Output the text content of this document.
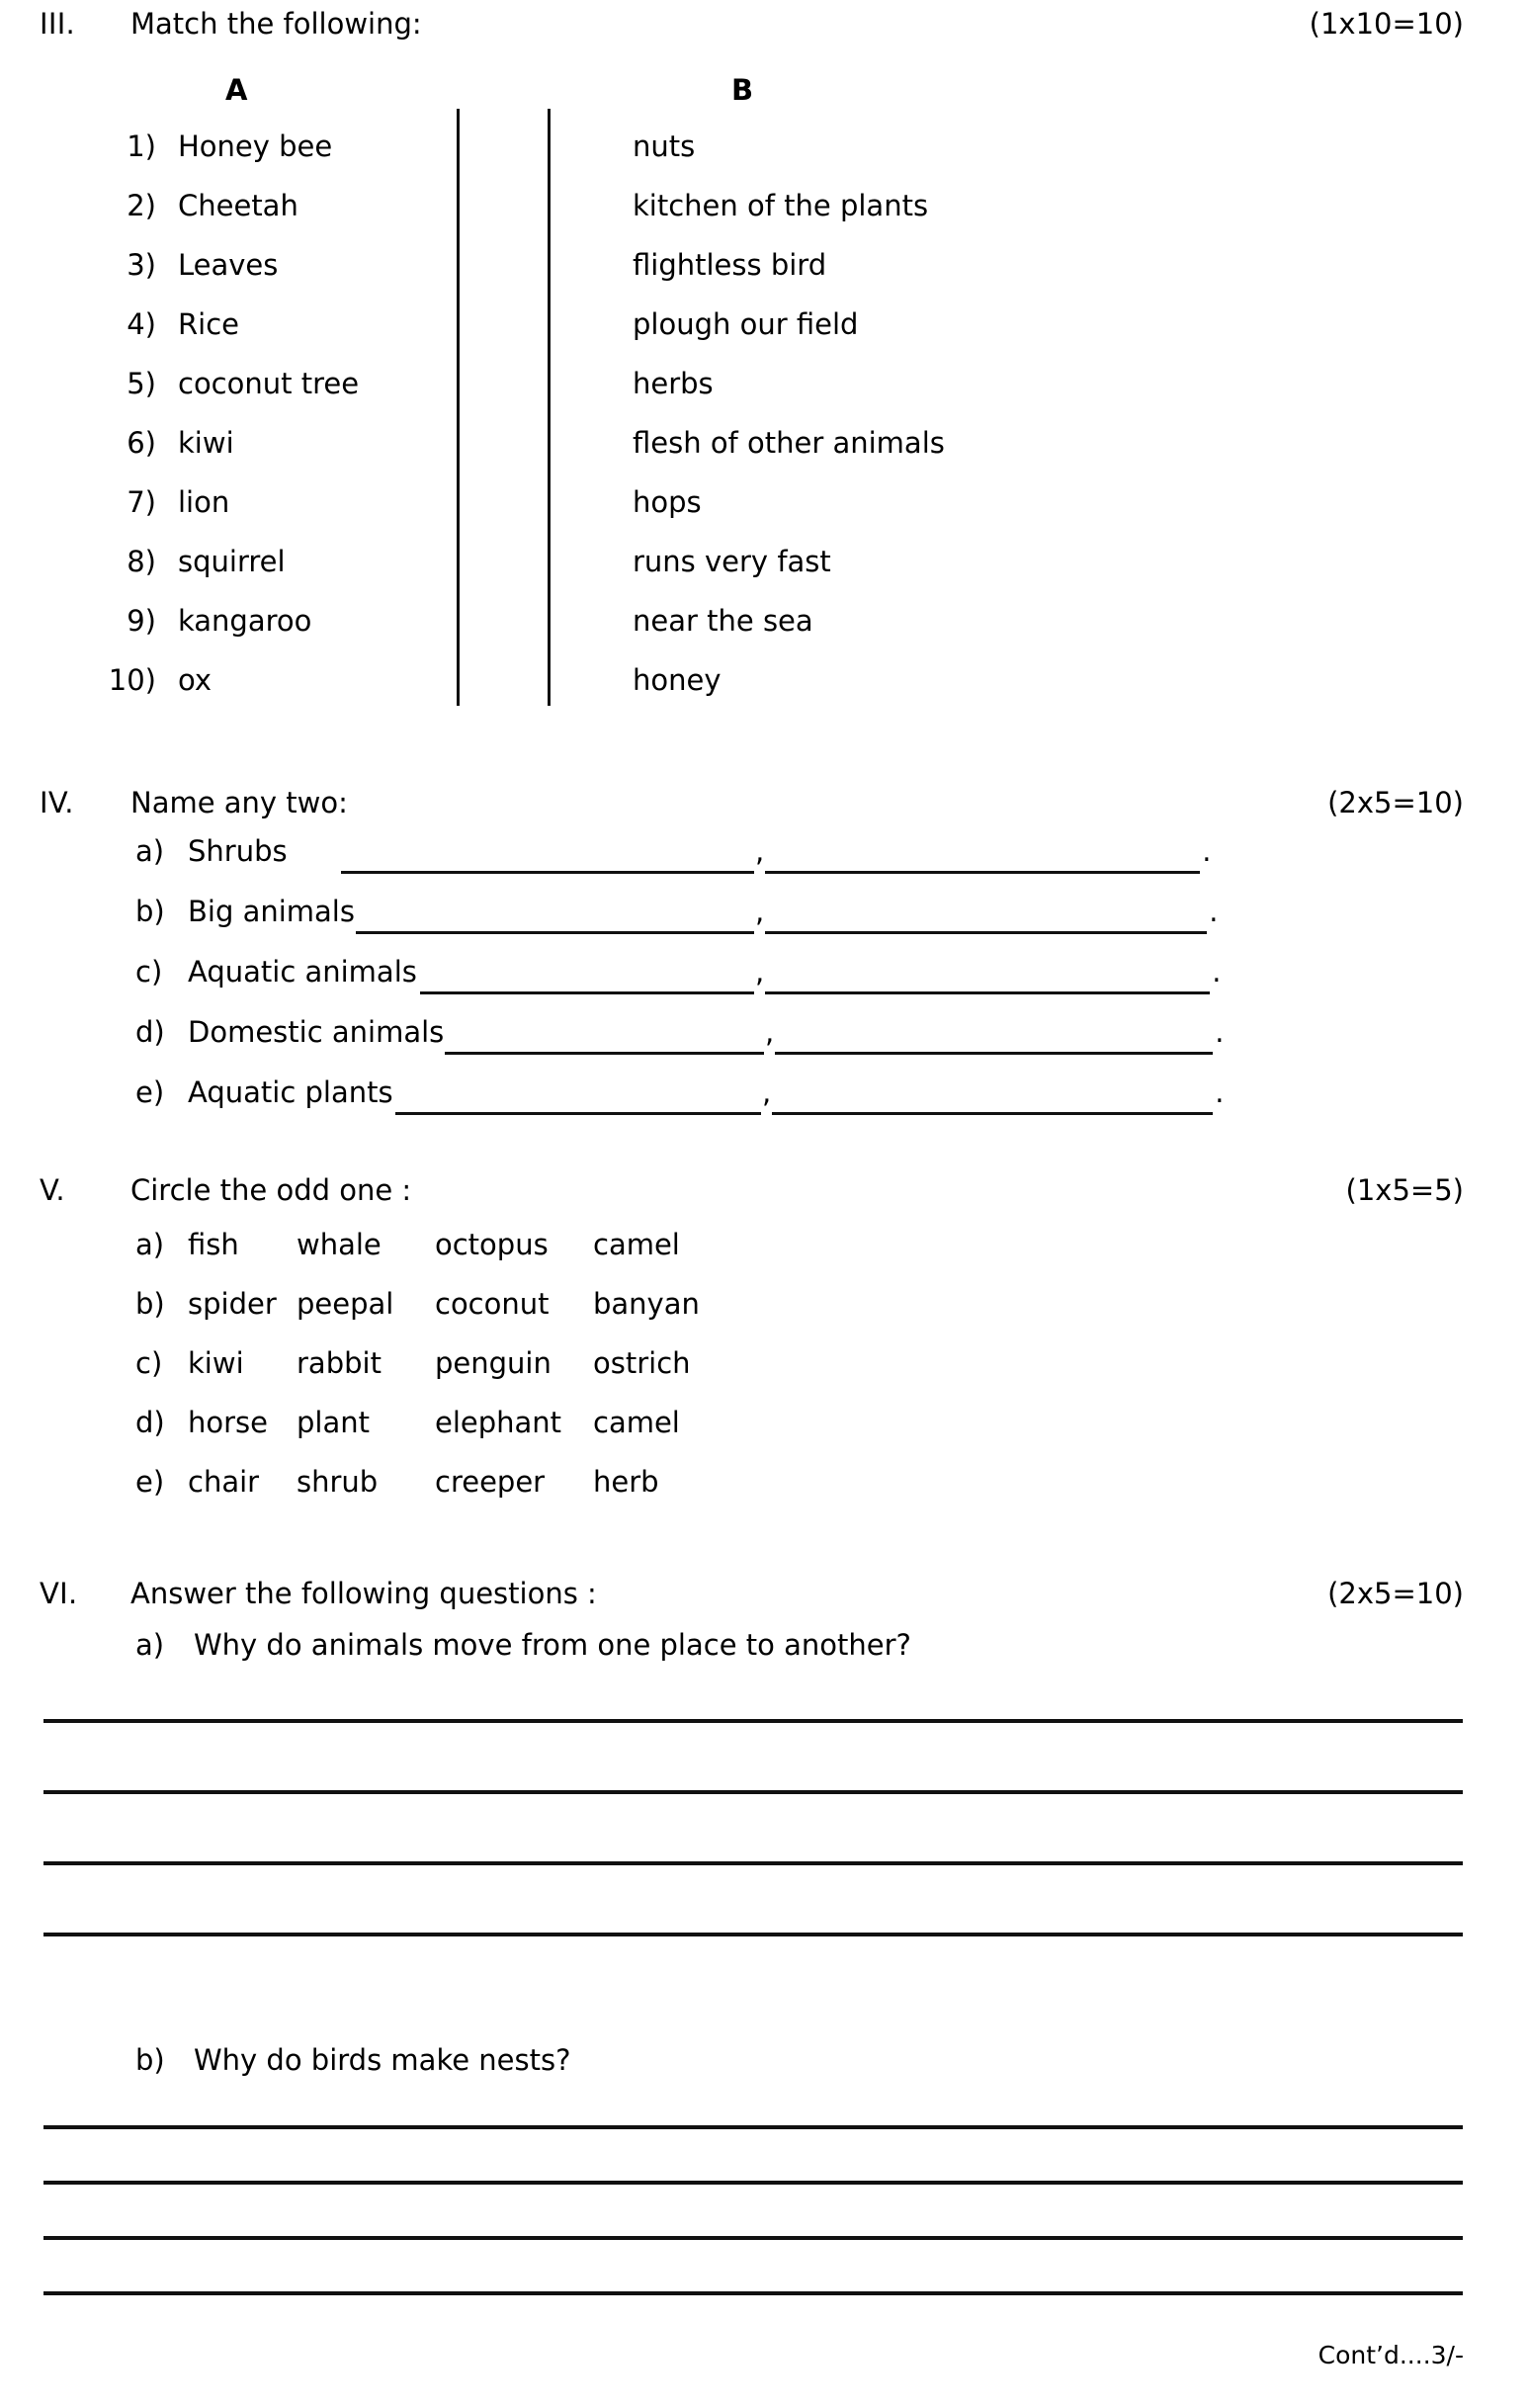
III.	Match the following:	(1x10=10)
A	B
1) Honey bee	nuts
2) Cheetah	kitchen of the plants
3) Leaves	flightless bird
4) Rice	plough our field
5) coconut tree	herbs
6) kiwi	flesh of other animals
7) lion	hops
8) squirrel	runs very fast
9) kangaroo	near the sea
10) ox	honey
IV.	Name any two:	(2x5=10)
a) Shrubs	,	.
b) Big animals	,	.
c) Aquatic animals	,	.
d) Domestic animals	,	.
e) Aquatic plants	,	.
V.	Circle the odd one :	(1x5=5)
a) fish whale octopus camel
b) spider peepal coconut banyan
c) kiwi rabbit penguin ostrich
d) horse plant elephant camel
e) chair shrub creeper herb
VI.	Answer the following questions :	(2x5=10)
a) Why do animals move from one place to another?
b) Why do birds make nests?
Cont’d....3/-
